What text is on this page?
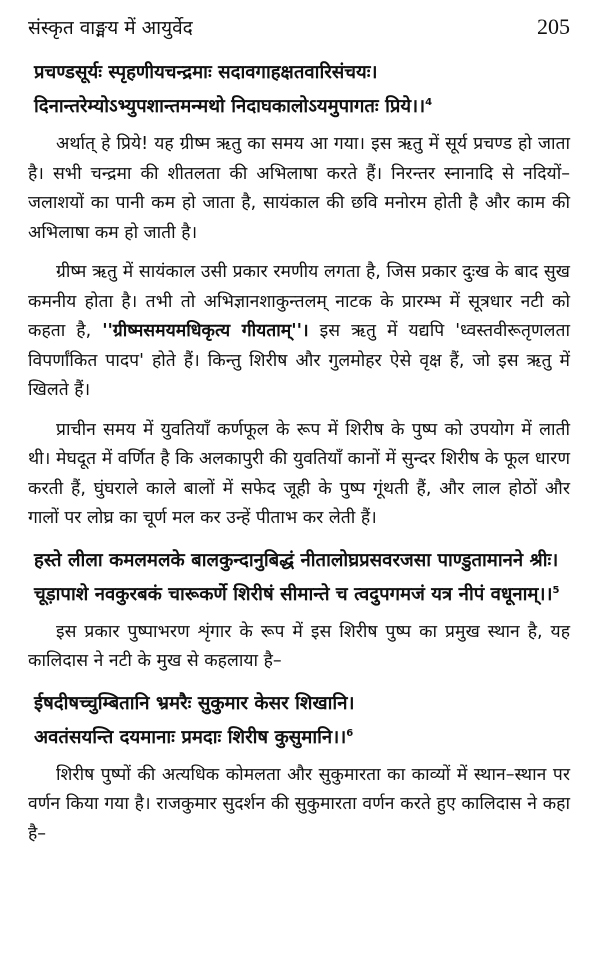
संस्कृत वाङ्मय में आयुर्वेद	205
प्रचण्डसूर्यः स्पृहणीयचन्द्रमाः सदावगाहक्षतवारिसंचयः।
दिनान्तरेम्योऽभ्युपशान्तमन्मथो निदाघकालोऽयमुपागतः प्रिये।।$^4$

अर्थात् हे प्रिये! यह ग्रीष्म ऋतु का समय आ गया। इस ऋतु में सूर्य प्रचण्ड हो जाता है। सभी चन्द्रमा की शीतलता की अभिलाषा करते हैं। निरन्तर स्नानादि से नदियों–जलाशयों का पानी कम हो जाता है, सायंकाल की छवि मनोरम होती है और काम की अभिलाषा कम हो जाती है।

ग्रीष्म ऋतु में सायंकाल उसी प्रकार रमणीय लगता है, जिस प्रकार दुःख के बाद सुख कमनीय होता है। तभी तो अभिज्ञानशाकुन्तलम् नाटक के प्रारम्भ में सूत्रधार नटी को कहता है, ''ग्रीष्मसमयमधिकृत्य गीयताम्''। इस ऋतु में यद्यपि 'ध्वस्तवीरूतृणलता विपर्णांकित पादप' होते हैं। किन्तु शिरीष और गुलमोहर ऐसे वृक्ष हैं, जो इस ऋतु में खिलते हैं।

प्राचीन समय में युवतियाँ कर्णफूल के रूप में शिरीष के पुष्प को उपयोग में लाती थी। मेघदूत में वर्णित है कि अलकापुरी की युवतियाँ कानों में सुन्दर शिरीष के फूल धारण करती हैं, घुंघराले काले बालों में सफेद जूही के पुष्प गूंथती हैं, और लाल होठों और गालों पर लोघ्र का चूर्ण मल कर उन्हें पीताभ कर लेती हैं।

हस्ते लीला कमलमलके बालकुन्दानुबिद्धं नीतालोघ्रप्रसवरजसा पाण्डुतामानने श्रीः।
चूड़ापाशे नवकुरबकं चारूकर्णे शिरीषं सीमान्ते च त्वदुपगमजं यत्र नीपं वधूनाम्।।$^5$

इस प्रकार पुष्पाभरण शृंगार के रूप में इस शिरीष पुष्प का प्रमुख स्थान है, यह कालिदास ने नटी के मुख से कहलाया है–

ईषदीषच्चुम्बितानि भ्रमरैः सुकुमार केसर शिखानि।
अवतंसयन्ति दयमानाः प्रमदाः शिरीष कुसुमानि।।$^6$

शिरीष पुष्पों की अत्यधिक कोमलता और सुकुमारता का काव्यों में स्थान–स्थान पर वर्णन किया गया है। राजकुमार सुदर्शन की सुकुमारता वर्णन करते हुए कालिदास ने कहा है–
